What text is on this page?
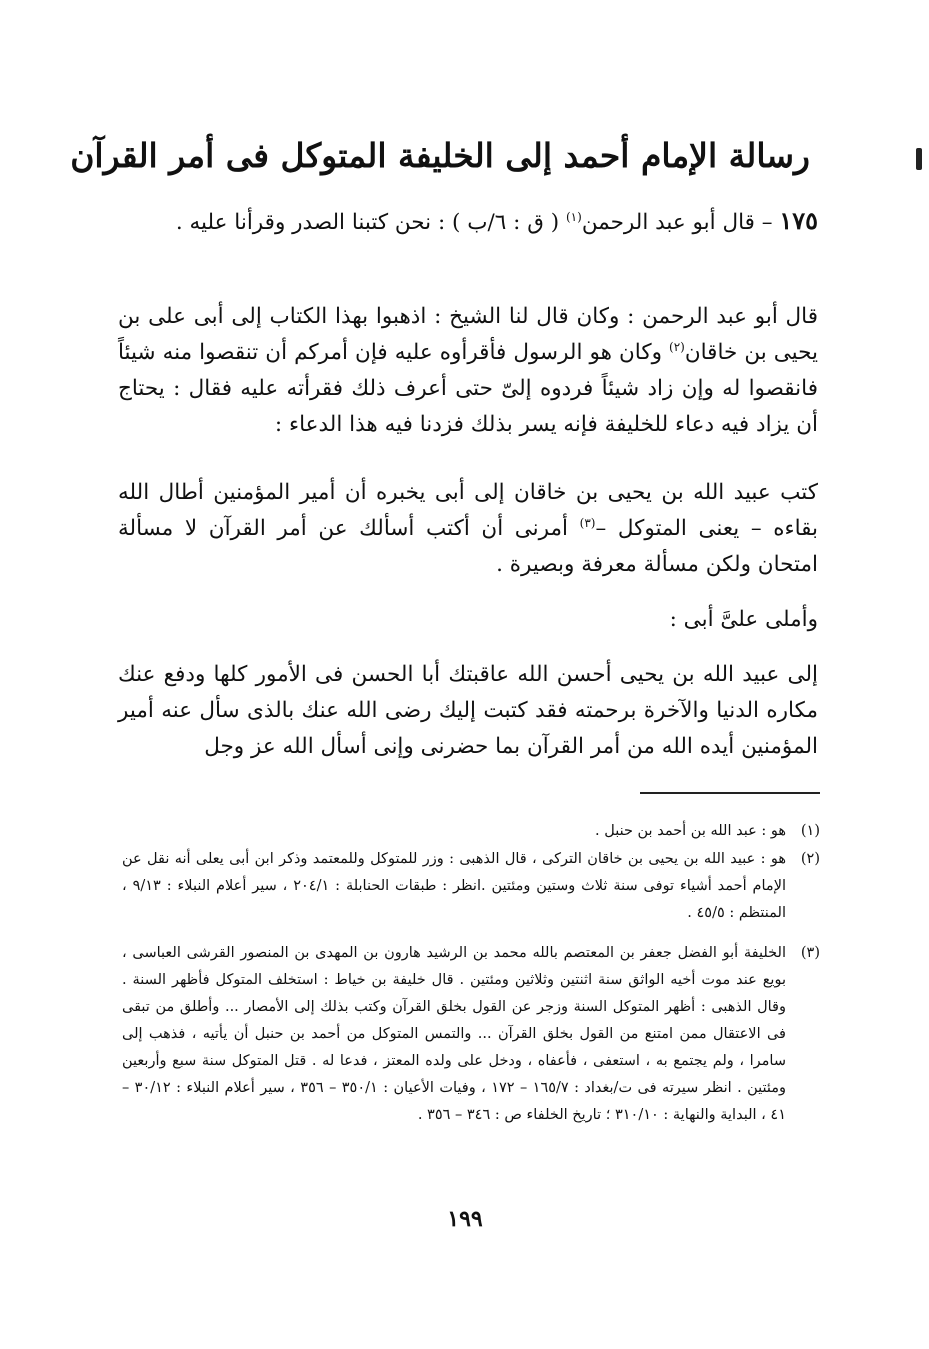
رسالة الإمام أحمد إلى الخليفة المتوكل فى أمر القرآن

١٧٥ – قال أبو عبد الرحمن$^{(١)}$ ( ق : ٦/ب ) : نحن كتبنا الصدر وقرأنا عليه .

قال أبو عبد الرحمن : وكان قال لنا الشيخ : اذهبوا بهذا الكتاب إلى أبى على بن يحيى بن خاقان$^{(٢)}$ وكان هو الرسول فأقرأوه عليه فإن أمركم أن تنقصوا منه شيئاً فانقصوا له وإن زاد شيئاً فردوه إلىّ حتى أعرف ذلك فقرأته عليه فقال : يحتاج أن يزاد فيه دعاء للخليفة فإنه يسر بذلك فزدنا فيه هذا الدعاء :

كتب عبيد الله بن يحيى بن خاقان إلى أبى يخبره أن أمير المؤمنين أطال الله بقاءه – يعنى المتوكل –$^{(٣)}$ أمرنى أن أكتب أسألك عن أمر القرآن لا مسألة امتحان ولكن مسألة معرفة وبصيرة .

وأملى علىَّ أبى :

إلى عبيد الله بن يحيى أحسن الله عاقبتك أبا الحسن فى الأمور كلها ودفع عنك مكاره الدنيا والآخرة برحمته فقد كتبت إليك رضى الله عنك بالذى سأل عنه أمير المؤمنين أيده الله من أمر القرآن بما حضرنى وإنى أسأل الله عز وجل

(١)هو : عبد الله بن أحمد بن حنبل .
(٢)هو : عبيد الله بن يحيى بن خاقان التركى ، قال الذهبى : وزر للمتوكل وللمعتمد وذكر ابن أبى يعلى أنه نقل عن الإمام أحمد أشياء توفى سنة ثلاث وستين ومئتين .انظر : طبقات الحنابلة : ٢٠٤/١ ، سير أعلام النبلاء : ٩/١٣ ، المنتظم : ٤٥/٥ .
(٣)الخليفة أبو الفضل جعفر بن المعتصم بالله محمد بن الرشيد هارون بن المهدى بن المنصور القرشى العباسى ، بويع عند موت أخيه الواثق سنة اثنتين وثلاثين ومئتين . قال خليفة بن خياط : استخلف المتوكل فأظهر السنة . وقال الذهبى : أظهر المتوكل السنة وزجر عن القول بخلق القرآن وكتب بذلك إلى الأمصار ... وأطلق من تبقى فى الاعتقال ممن امتنع من القول بخلق القرآن ... والتمس المتوكل من أحمد بن حنبل أن يأتيه ، فذهب إلى سامرا ، ولم يجتمع به ، استعفى ، فأعفاه ، ودخل على ولده المعتز ، فدعا له . قتل المتوكل سنة سبع وأربعين ومئتين . انظر سيرته فى ت/بغداد : ١٦٥/٧ – ١٧٢ ، وفيات الأعيان : ٣٥٠/١ – ٣٥٦ ، سير أعلام النبلاء : ٣٠/١٢ – ٤١ ، البداية والنهاية : ٣١٠/١٠ ؛ تاريخ الخلفاء ص : ٣٤٦ – ٣٥٦ .
١٩٩
